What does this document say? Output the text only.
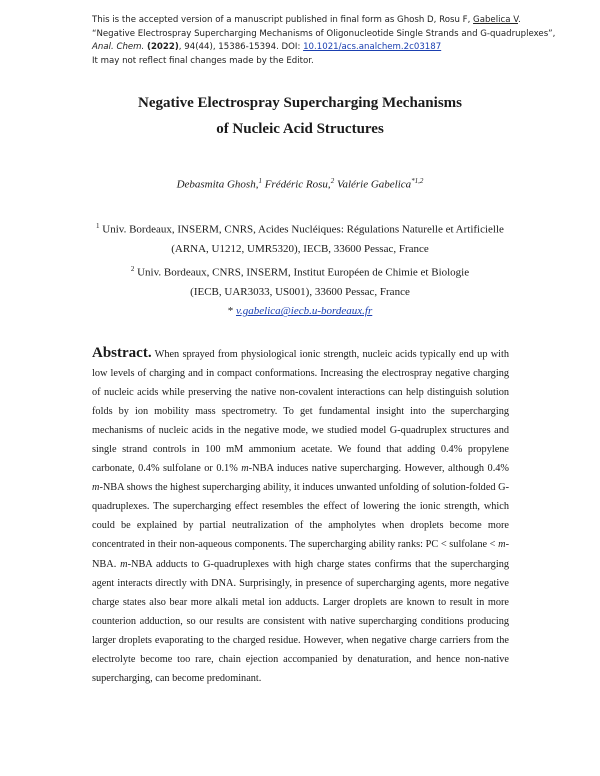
This is the accepted version of a manuscript published in final form as Ghosh D, Rosu F, Gabelica V.
“Negative Electrospray Supercharging Mechanisms of Oligonucleotide Single Strands and G-quadruplexes”,
Anal. Chem. (2022), 94(44), 15386-15394. DOI: 10.1021/acs.analchem.2c03187
It may not reflect final changes made by the Editor.
Negative Electrospray Supercharging Mechanisms
of Nucleic Acid Structures
Debasmita Ghosh,$^1$ Frédéric Rosu,$^2$ Valérie Gabelica$^{*1,2}$
$^1$ Univ. Bordeaux, INSERM, CNRS, Acides Nucléiques: Régulations Naturelle et Artificielle
(ARNA, U1212, UMR5320), IECB, 33600 Pessac, France
$^2$ Univ. Bordeaux, CNRS, INSERM, Institut Européen de Chimie et Biologie
(IECB, UAR3033, US001), 33600 Pessac, France
* v.gabelica@iecb.u-bordeaux.fr
Abstract. When sprayed from physiological ionic strength, nucleic acids typically end up with low levels of charging and in compact conformations. Increasing the electrospray negative charging of nucleic acids while preserving the native non-covalent interactions can help distinguish solution folds by ion mobility mass spectrometry. To get fundamental insight into the supercharging mechanisms of nucleic acids in the negative mode, we studied model G-quadruplex structures and single strand controls in 100 mM ammonium acetate. We found that adding 0.4% propylene carbonate, 0.4% sulfolane or 0.1% m-NBA induces native supercharging. However, although 0.4% m-NBA shows the highest supercharging ability, it induces unwanted unfolding of solution-folded G-quadruplexes. The supercharging effect resembles the effect of lowering the ionic strength, which could be explained by partial neutralization of the ampholytes when droplets become more concentrated in their non-aqueous components. The supercharging ability ranks: PC < sulfolane < m-NBA. m-NBA adducts to G-quadruplexes with high charge states confirms that the supercharging agent interacts directly with DNA. Surprisingly, in presence of supercharging agents, more negative charge states also bear more alkali metal ion adducts. Larger droplets are known to result in more counterion adduction, so our results are consistent with native supercharging conditions producing larger droplets evaporating to the charged residue. However, when negative charge carriers from the electrolyte become too rare, chain ejection accompanied by denaturation, and hence non-native supercharging, can become predominant.
